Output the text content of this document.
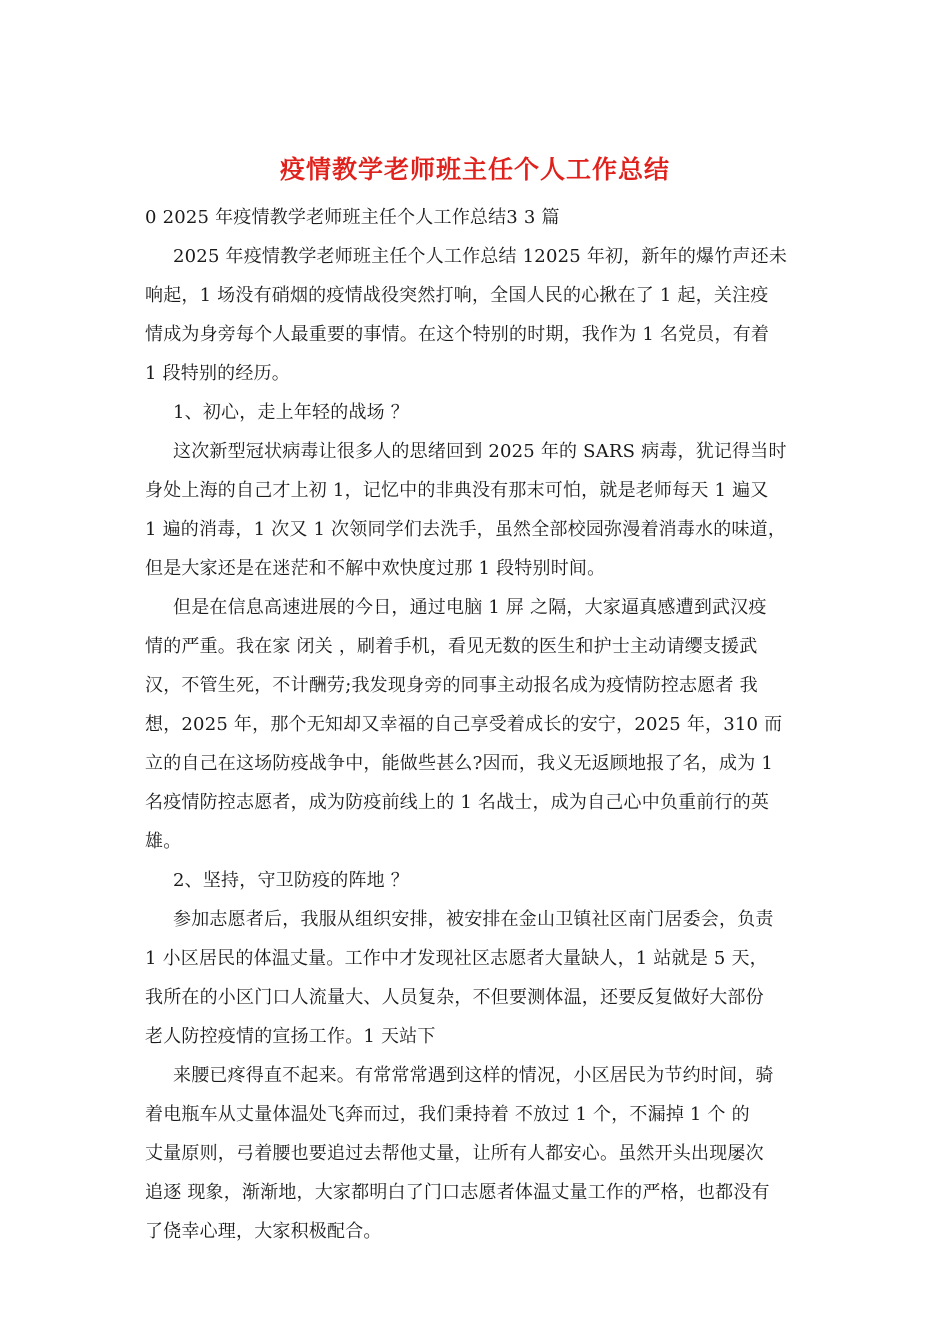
疫情教学老师班主任个人工作总结

0 2025 年疫情教学老师班主任个人工作总结3 3 篇

2025 年疫情教学老师班主任个人工作总结 12025 年初，新年的爆竹声还未

响起，1 场没有硝烟的疫情战役突然打响，全国人民的心揪在了 1 起，关注疫

情成为身旁每个人最重要的事情。在这个特别的时期，我作为 1 名党员，有着

1 段特别的经历。

1、初心，走上年轻的战场 ？

这次新型冠状病毒让很多人的思绪回到 2025 年的 SARS 病毒，犹记得当时

身处上海的自己才上初 1，记忆中的非典没有那末可怕，就是老师每天 1 遍又

1 遍的消毒，1 次又 1 次领同学们去洗手，虽然全部校园弥漫着消毒水的味道，

但是大家还是在迷茫和不解中欢快度过那 1 段特别时间。

但是在信息高速进展的今日，通过电脑 1 屏 之隔，大家逼真感遭到武汉疫

情的严重。我在家 闭关 ，刷着手机，看见无数的医生和护士主动请缨支援武

汉，不管生死，不计酬劳;我发现身旁的同事主动报名成为疫情防控志愿者 我

想，2025 年，那个无知却又幸福的自己享受着成长的安宁，2025 年，310 而

立的自己在这场防疫战争中，能做些甚么?因而，我义无返顾地报了名，成为 1

名疫情防控志愿者，成为防疫前线上的 1 名战士，成为自己心中负重前行的英

雄。

2、坚持，守卫防疫的阵地 ？

参加志愿者后，我服从组织安排，被安排在金山卫镇社区南门居委会，负责

1 小区居民的体温丈量。工作中才发现社区志愿者大量缺人，1 站就是 5 天，

我所在的小区门口人流量大、人员复杂，不但要测体温，还要反复做好大部份

老人防控疫情的宣扬工作。1 天站下

来腰已疼得直不起来。有常常常遇到这样的情况，小区居民为节约时间，骑

着电瓶车从丈量体温处飞奔而过，我们秉持着 不放过 1 个，不漏掉 1 个 的

丈量原则，弓着腰也要追过去帮他丈量，让所有人都安心。虽然开头出现屡次

追逐 现象，渐渐地，大家都明白了门口志愿者体温丈量工作的严格，也都没有

了侥幸心理，大家积极配合。
